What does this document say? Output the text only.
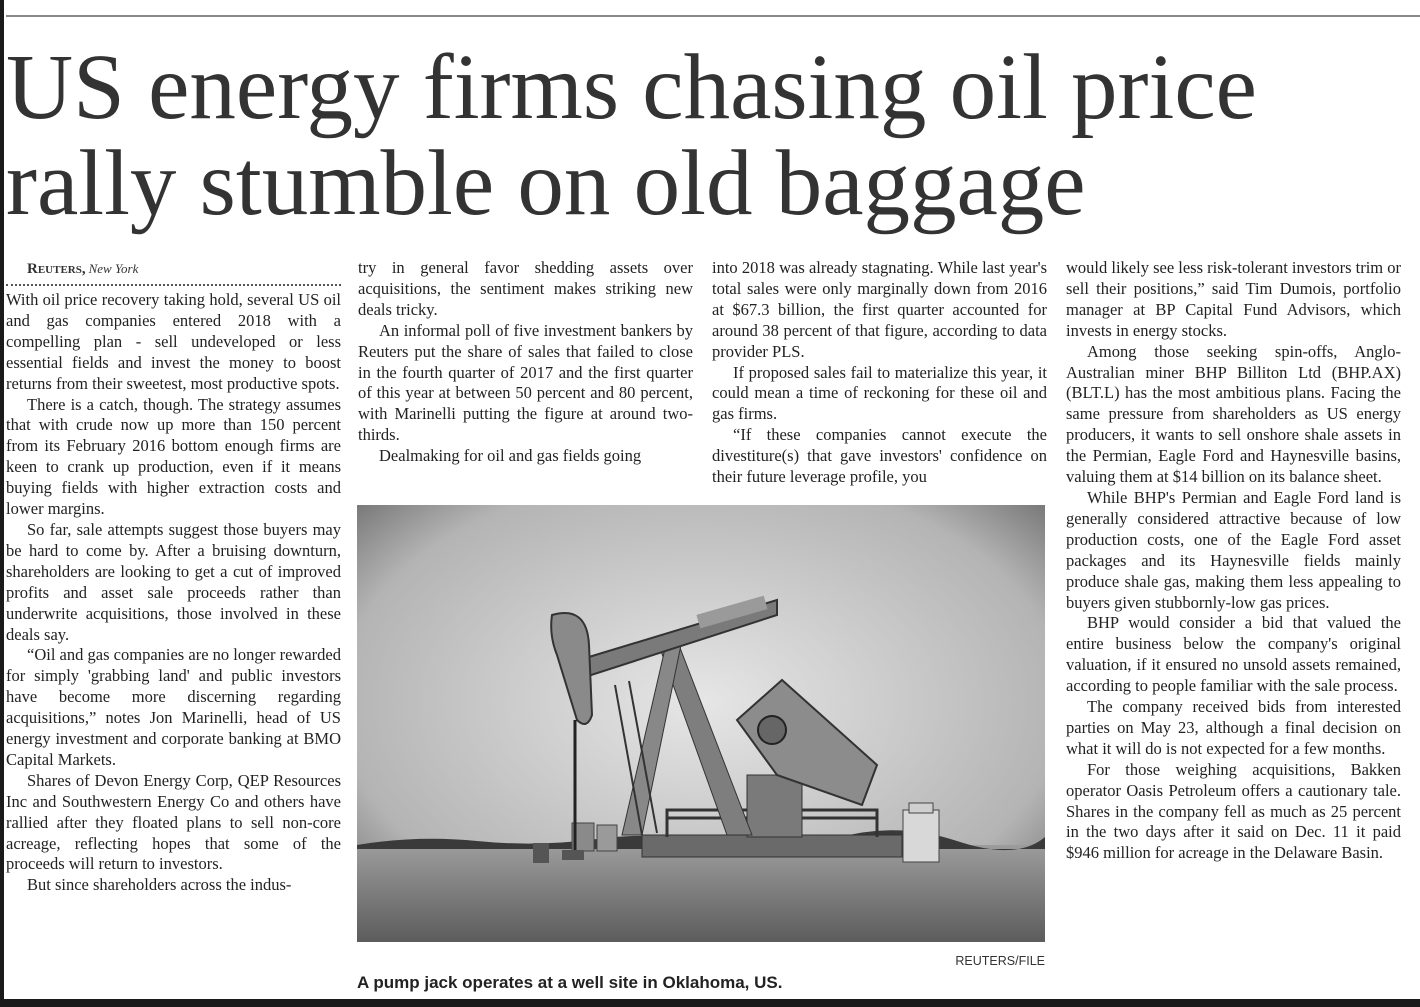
US energy firms chasing oil price
rally stumble on old baggage

Reuters, New York

With oil price recovery taking hold, several US oil and gas companies entered 2018 with a compelling plan - sell undeveloped or less essential fields and invest the money to boost returns from their sweetest, most productive spots.

There is a catch, though. The strategy assumes that with crude now up more than 150 percent from its February 2016 bottom enough firms are keen to crank up production, even if it means buying fields with higher extraction costs and lower margins.

So far, sale attempts suggest those buyers may be hard to come by. After a bruising downturn, shareholders are looking to get a cut of improved profits and asset sale proceeds rather than underwrite acquisitions, those involved in these deals say.

“Oil and gas companies are no longer rewarded for simply 'grabbing land' and public investors have become more discerning regarding acquisitions,” notes Jon Marinelli, head of US energy investment and corporate banking at BMO Capital Markets.

Shares of Devon Energy Corp, QEP Resources Inc and Southwestern Energy Co and others have rallied after they floated plans to sell non-core acreage, reflecting hopes that some of the proceeds will return to investors.

But since shareholders across the indus-

try in general favor shedding assets over acquisitions, the sentiment makes striking new deals tricky.

An informal poll of five investment bankers by Reuters put the share of sales that failed to close in the fourth quarter of 2017 and the first quarter of this year at between 50 percent and 80 percent, with Marinelli putting the figure at around two-thirds.

Dealmaking for oil and gas fields going

into 2018 was already stagnating. While last year's total sales were only marginally down from 2016 at $67.3 billion, the first quarter accounted for around 38 percent of that figure, according to data provider PLS.

If proposed sales fail to materialize this year, it could mean a time of reckoning for these oil and gas firms.

“If these companies cannot execute the divestiture(s) that gave investors' confidence on their future leverage profile, you

would likely see less risk-tolerant investors trim or sell their positions,” said Tim Dumois, portfolio manager at BP Capital Fund Advisors, which invests in energy stocks.

Among those seeking spin-offs, Anglo-Australian miner BHP Billiton Ltd (BHP.AX) (BLT.L) has the most ambitious plans. Facing the same pressure from shareholders as US energy producers, it wants to sell onshore shale assets in the Permian, Eagle Ford and Haynesville basins, valuing them at $14 billion on its balance sheet.

While BHP's Permian and Eagle Ford land is generally considered attractive because of low production costs, one of the Eagle Ford asset packages and its Haynesville fields mainly produce shale gas, making them less appealing to buyers given stubbornly-low gas prices.

BHP would consider a bid that valued the entire business below the company's original valuation, if it ensured no unsold assets remained, according to people familiar with the sale process.

The company received bids from interested parties on May 23, although a final decision on what it will do is not expected for a few months.

For those weighing acquisitions, Bakken operator Oasis Petroleum offers a cautionary tale. Shares in the company fell as much as 25 percent in the two days after it said on Dec. 11 it paid $946 million for acreage in the Delaware Basin.

REUTERS/FILE

A pump jack operates at a well site in Oklahoma, US.
